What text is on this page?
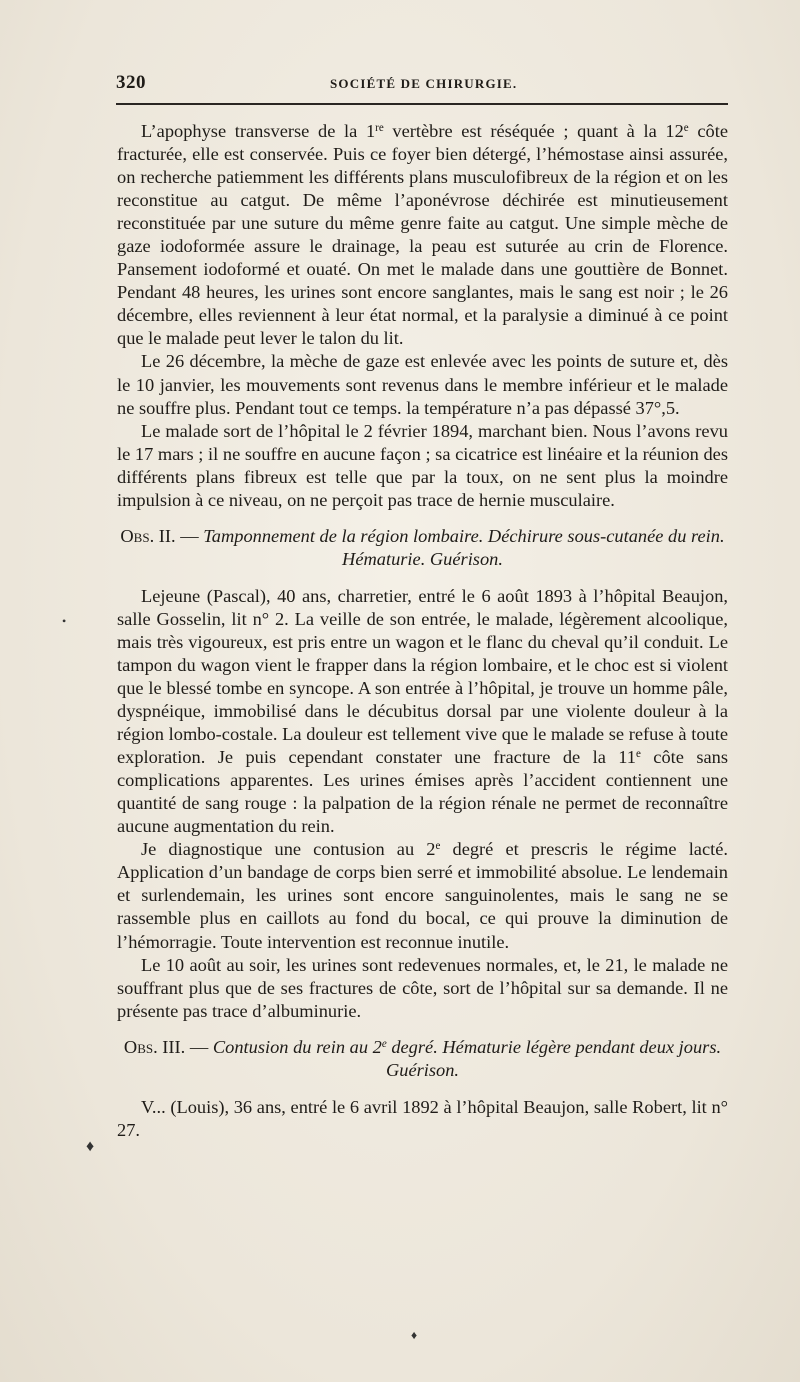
320	SOCIÉTÉ DE CHIRURGIE.

L’apophyse transverse de la 1re vertèbre est réséquée ; quant à la 12e côte fracturée, elle est conservée. Puis ce foyer bien détergé, l’hémostase ainsi assurée, on recherche patiemment les différents plans musculofibreux de la région et on les reconstitue au catgut. De même l’aponévrose déchirée est minutieusement reconstituée par une suture du même genre faite au catgut. Une simple mèche de gaze iodoformée assure le drainage, la peau est suturée au crin de Florence. Pansement iodoformé et ouaté. On met le malade dans une gouttière de Bonnet. Pendant 48 heures, les urines sont encore sanglantes, mais le sang est noir ; le 26 décembre, elles reviennent à leur état normal, et la paralysie a diminué à ce point que le malade peut lever le talon du lit.

Le 26 décembre, la mèche de gaze est enlevée avec les points de suture et, dès le 10 janvier, les mouvements sont revenus dans le membre inférieur et le malade ne souffre plus. Pendant tout ce temps. la température n’a pas dépassé 37°,5.

Le malade sort de l’hôpital le 2 février 1894, marchant bien. Nous l’avons revu le 17 mars ; il ne souffre en aucune façon ; sa cicatrice est linéaire et la réunion des différents plans fibreux est telle que par la toux, on ne sent plus la moindre impulsion à ce niveau, on ne perçoit pas trace de hernie musculaire.

Obs. II. — Tamponnement de la région lombaire. Déchirure sous-cutanée du rein. Hématurie. Guérison.

Lejeune (Pascal), 40 ans, charretier, entré le 6 août 1893 à l’hôpital Beaujon, salle Gosselin, lit n° 2. La veille de son entrée, le malade, légèrement alcoolique, mais très vigoureux, est pris entre un wagon et le flanc du cheval qu’il conduit. Le tampon du wagon vient le frapper dans la région lombaire, et le choc est si violent que le blessé tombe en syncope. A son entrée à l’hôpital, je trouve un homme pâle, dyspnéique, immobilisé dans le décubitus dorsal par une violente douleur à la région lombo-costale. La douleur est tellement vive que le malade se refuse à toute exploration. Je puis cependant constater une fracture de la 11e côte sans complications apparentes. Les urines émises après l’accident contiennent une quantité de sang rouge : la palpation de la région rénale ne permet de reconnaître aucune augmentation du rein.

Je diagnostique une contusion au 2e degré et prescris le régime lacté. Application d’un bandage de corps bien serré et immobilité absolue. Le lendemain et surlendemain, les urines sont encore sanguinolentes, mais le sang ne se rassemble plus en caillots au fond du bocal, ce qui prouve la diminution de l’hémorragie. Toute intervention est reconnue inutile.

Le 10 août au soir, les urines sont redevenues normales, et, le 21, le malade ne souffrant plus que de ses fractures de côte, sort de l’hôpital sur sa demande. Il ne présente pas trace d’albuminurie.

Obs. III. — Contusion du rein au 2e degré. Hématurie légère pendant deux jours. Guérison.

V... (Louis), 36 ans, entré le 6 avril 1892 à l’hôpital Beaujon, salle Robert, lit n° 27.

•
♦
♦
